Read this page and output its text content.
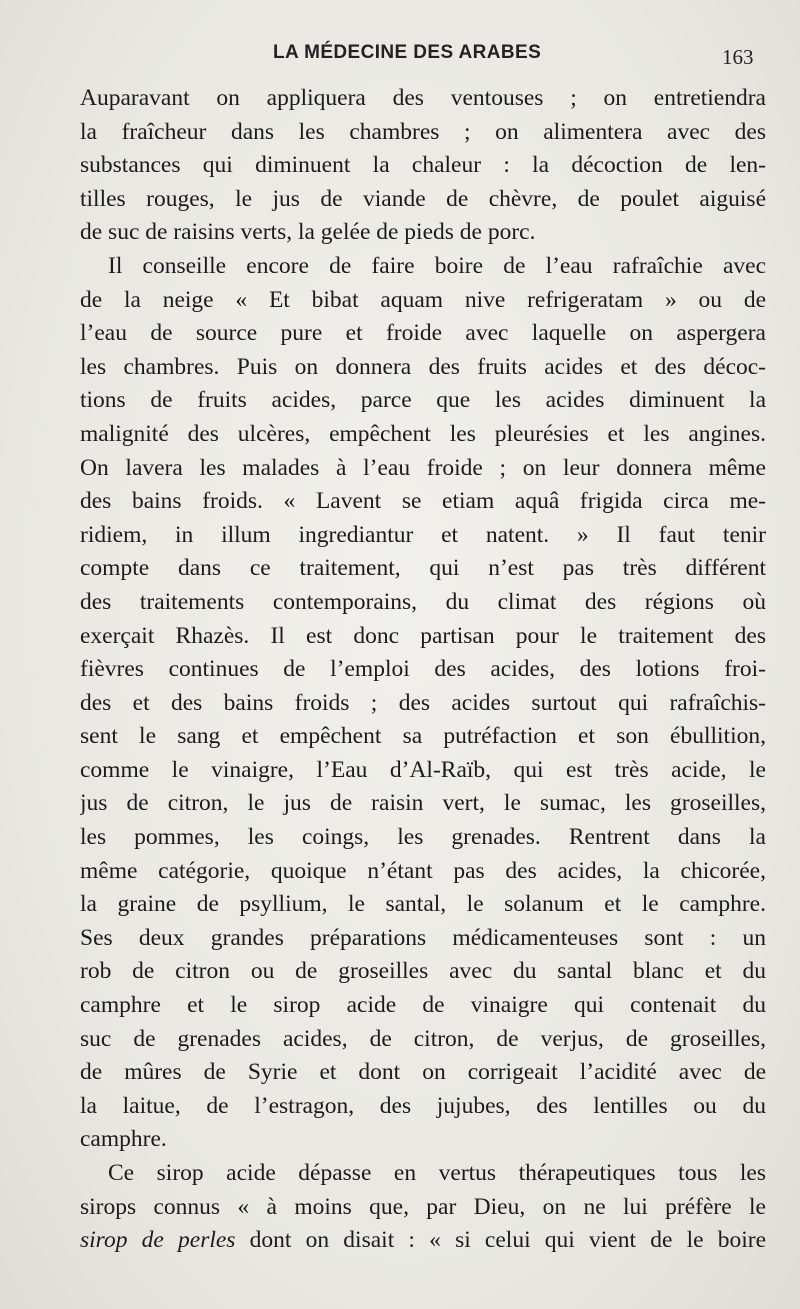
LA MÉDECINE DES ARABES	163
Auparavant on appliquera des ventouses ; on entretiendra
la fraîcheur dans les chambres ; on alimentera avec des
substances qui diminuent la chaleur : la décoction de len-
tilles rouges, le jus de viande de chèvre, de poulet aiguisé
de suc de raisins verts, la gelée de pieds de porc.
Il conseille encore de faire boire de l’eau rafraîchie avec
de la neige « Et bibat aquam nive refrigeratam » ou de
l’eau de source pure et froide avec laquelle on aspergera
les chambres. Puis on donnera des fruits acides et des décoc-
tions de fruits acides, parce que les acides diminuent la
malignité des ulcères, empêchent les pleurésies et les angines.
On lavera les malades à l’eau froide ; on leur donnera même
des bains froids. « Lavent se etiam aquâ frigida circa me-
ridiem, in illum ingrediantur et natent. » Il faut tenir
compte dans ce traitement, qui n’est pas très différent
des traitements contemporains, du climat des régions où
exerçait Rhazès. Il est donc partisan pour le traitement des
fièvres continues de l’emploi des acides, des lotions froi-
des et des bains froids ; des acides surtout qui rafraîchis-
sent le sang et empêchent sa putréfaction et son ébullition,
comme le vinaigre, l’Eau d’Al-Raïb, qui est très acide, le
jus de citron, le jus de raisin vert, le sumac, les groseilles,
les pommes, les coings, les grenades. Rentrent dans la
même catégorie, quoique n’étant pas des acides, la chicorée,
la graine de psyllium, le santal, le solanum et le camphre.
Ses deux grandes préparations médicamenteuses sont : un
rob de citron ou de groseilles avec du santal blanc et du
camphre et le sirop acide de vinaigre qui contenait du
suc de grenades acides, de citron, de verjus, de groseilles,
de mûres de Syrie et dont on corrigeait l’acidité avec de
la laitue, de l’estragon, des jujubes, des lentilles ou du
camphre.
Ce sirop acide dépasse en vertus thérapeutiques tous les
sirops connus « à moins que, par Dieu, on ne lui préfère le
sirop de perles dont on disait : « si celui qui vient de le boire
